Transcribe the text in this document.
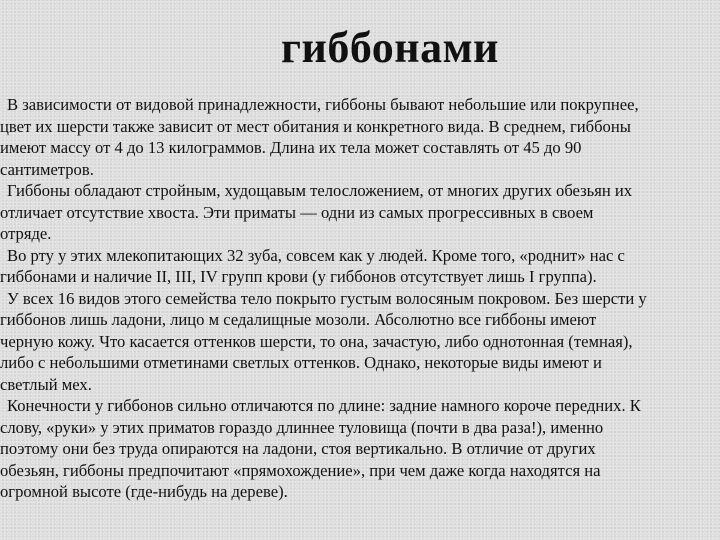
гиббонами
В зависимости от видовой принадлежности, гиббоны бывают небольшие или покрупнее,
цвет их шерсти также зависит от мест обитания и конкретного вида. В среднем, гиббоны
имеют массу от 4 до 13 килограммов. Длина их тела может составлять от 45 до 90
сантиметров.
Гиббоны обладают стройным, худощавым телосложением, от многих других обезьян их
отличает отсутствие хвоста. Эти приматы — одни из самых прогрессивных в своем
отряде.
Во рту у этих млекопитающих 32 зуба, совсем как у людей. Кроме того, «роднит» нас с
гиббонами и наличие II, III, IV групп крови (у гиббонов отсутствует лишь I группа).
У всех 16 видов этого семейства тело покрыто густым волосяным покровом. Без шерсти у
гиббонов лишь ладони, лицо м седалищные мозоли. Абсолютно все гиббоны имеют
черную кожу. Что касается оттенков шерсти, то она, зачастую, либо однотонная (темная),
либо с небольшими отметинами светлых оттенков. Однако, некоторые виды имеют и
светлый мех.
Конечности у гиббонов сильно отличаются по длине: задние намного короче передних. К
слову, «руки» у этих приматов гораздо длиннее туловища (почти в два раза!), именно
поэтому они без труда опираются на ладони, стоя вертикально. В отличие от других
обезьян, гиббоны предпочитают «прямохождение», при чем даже когда находятся на
огромной высоте (где-нибудь на дереве).
